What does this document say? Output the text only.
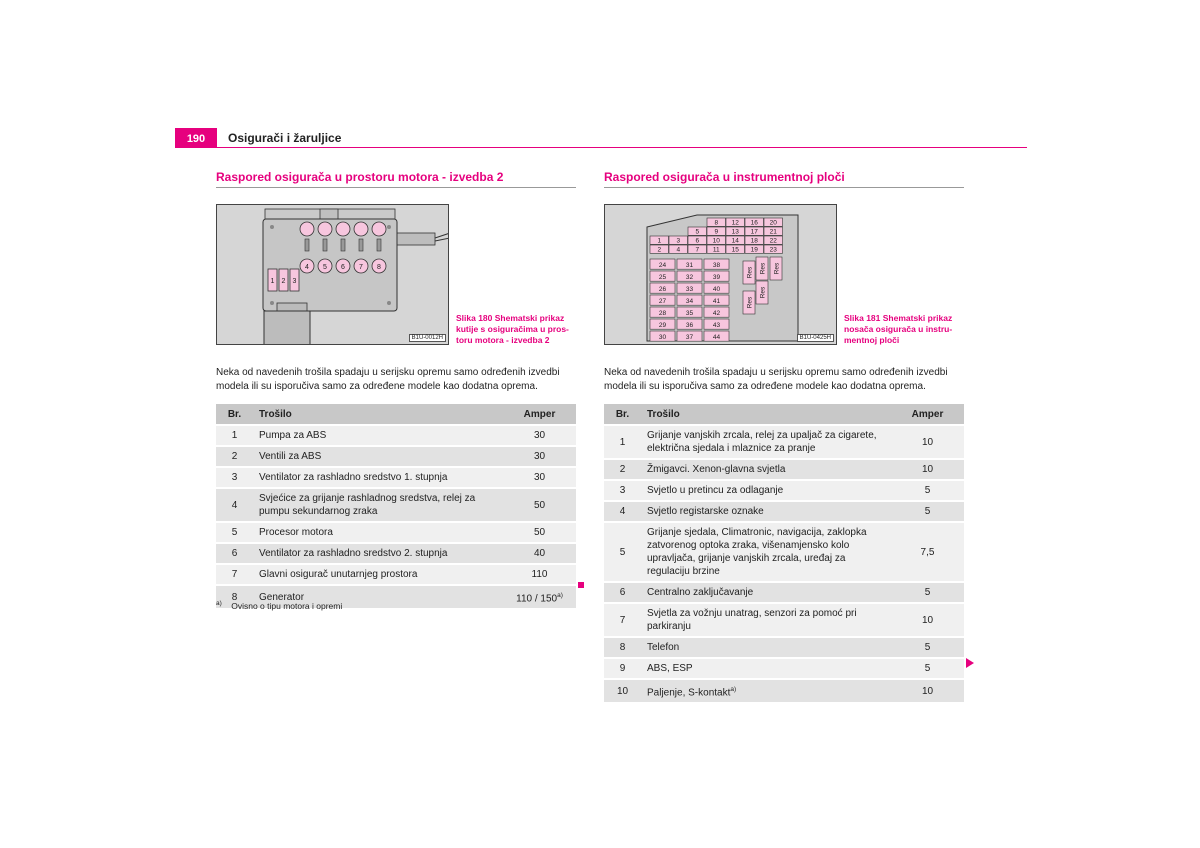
190	Osigurači i žaruljice
Raspored osigurača u prostoru motora - izvedba 2
4 5 6 7 8
1 2 3
B1U-0012H
Slika 180 Shematski prikaz
kutije s osiguračima u pros-
toru motora - izvedba 2
Neka od navedenih trošila spadaju u serijsku opremu samo određenih izvedbi
modela ili su isporučiva samo za određene modele kao dodatna oprema.
Br.	Trošilo	Amper
1	Pumpa za ABS	30
2	Ventili za ABS	30
3	Ventilator za rashladno sredstvo 1. stupnja	30
4	Svjećice za grijanje rashladnog sredstva, relej za pumpu sekundarnog zraka	50
5	Procesor motora	50
6	Ventilator za rashladno sredstvo 2. stupnja	40
7	Glavni osigurač unutarnjeg prostora	110
8	Generator	110 / 150$^{a)}$
$^{a)}$ Ovisno o tipu motora i opremi
Raspored osigurača u instrumentnoj ploči
8 12 16 20
5 9 13 17 21
1 3 6 10 14 18 22
2 4 7 11 15 19 23
24
25
26
27
28
29
30
31
32
33
34
35
36
37
38
39
40
41
42
43
44
Res Res Res
Res
Res
B1U-0425H
Slika 181 Shematski prikaz
nosača osigurača u instru-
mentnoj ploči
Neka od navedenih trošila spadaju u serijsku opremu samo određenih izvedbi
modela ili su isporučiva samo za određene modele kao dodatna oprema.
Br.	Trošilo	Amper
1	Grijanje vanjskih zrcala, relej za upaljač za cigarete, električna sjedala i mlaznice za pranje	10
2	Žmigavci. Xenon-glavna svjetla	10
3	Svjetlo u pretincu za odlaganje	5
4	Svjetlo registarske oznake	5
5	Grijanje sjedala, Climatronic, navigacija, zaklopka zatvorenog optoka zraka, višenamjensko kolo upravljača, grijanje vanjskih zrcala, uređaj za regulaciju brzine	7,5
6	Centralno zaključavanje	5
7	Svjetla za vožnju unatrag, senzori za pomoć pri parkiranju	10
8	Telefon	5
9	ABS, ESP	5
10	Paljenje, S-kontakt$^{a)}$	10
